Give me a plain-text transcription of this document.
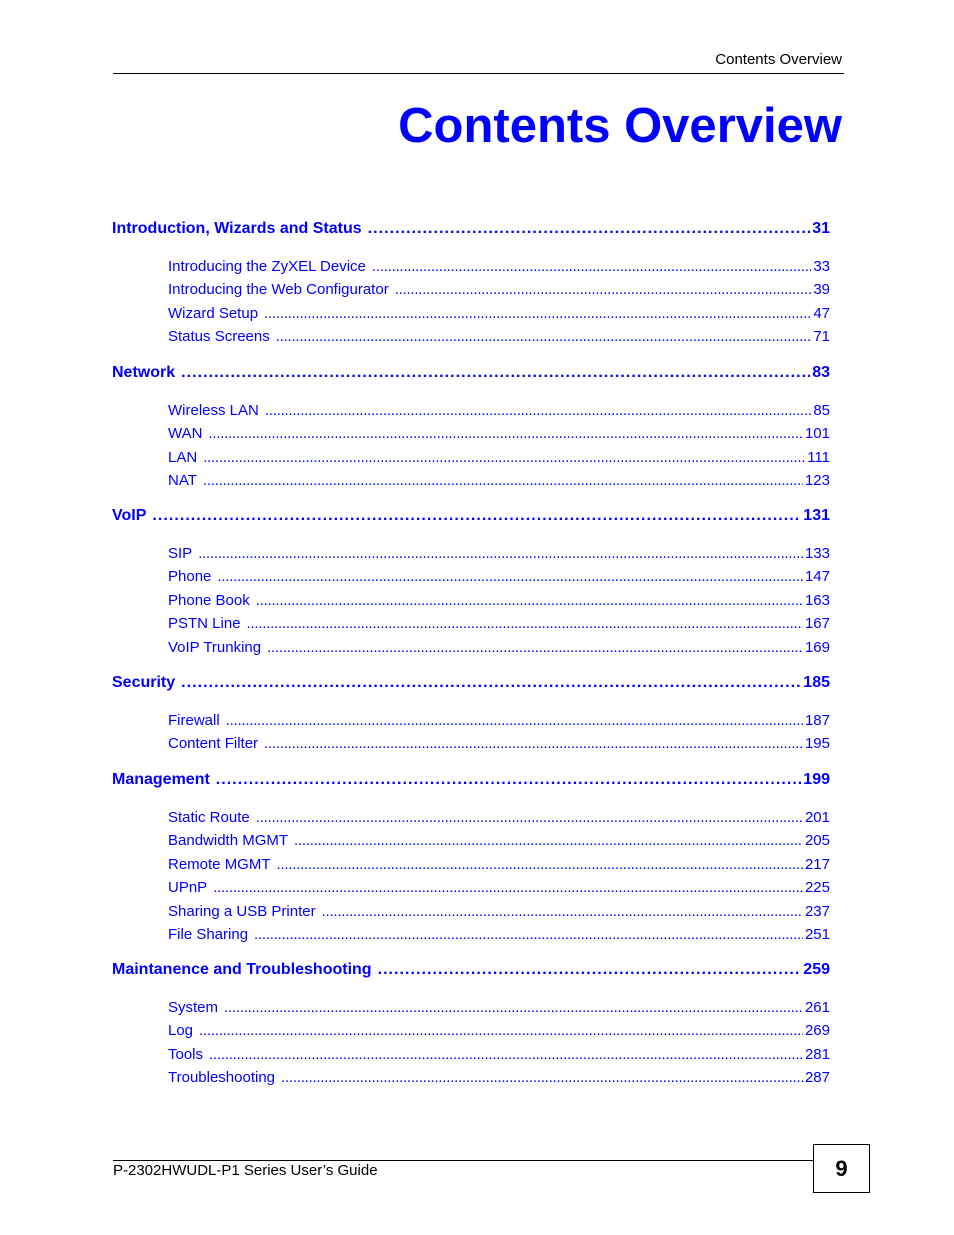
Contents Overview
Contents Overview
Introduction, Wizards and Status . . .	31
Introducing the ZyXEL Device . . .	33
Introducing the Web Configurator . . .	39
Wizard Setup . . .	47
Status Screens . . .	71
Network . . .	83
Wireless LAN . . .	85
WAN . . .	101
LAN . . .	111
NAT . . .	123
VoIP . . .	131
SIP . . .	133
Phone . . .	147
Phone Book . . .	163
PSTN Line . . .	167
VoIP Trunking . . .	169
Security . . .	185
Firewall . . .	187
Content Filter . . .	195
Management . . .	199
Static Route . . .	201
Bandwidth MGMT . . .	205
Remote MGMT . . .	217
UPnP . . .	225
Sharing a USB Printer . . .	237
File Sharing . . .	251
Maintanence and Troubleshooting . . .	259
System . . .	261
Log . . .	269
Tools . . .	281
Troubleshooting . . .	287
P-2302HWUDL-P1 Series User’s Guide	9
